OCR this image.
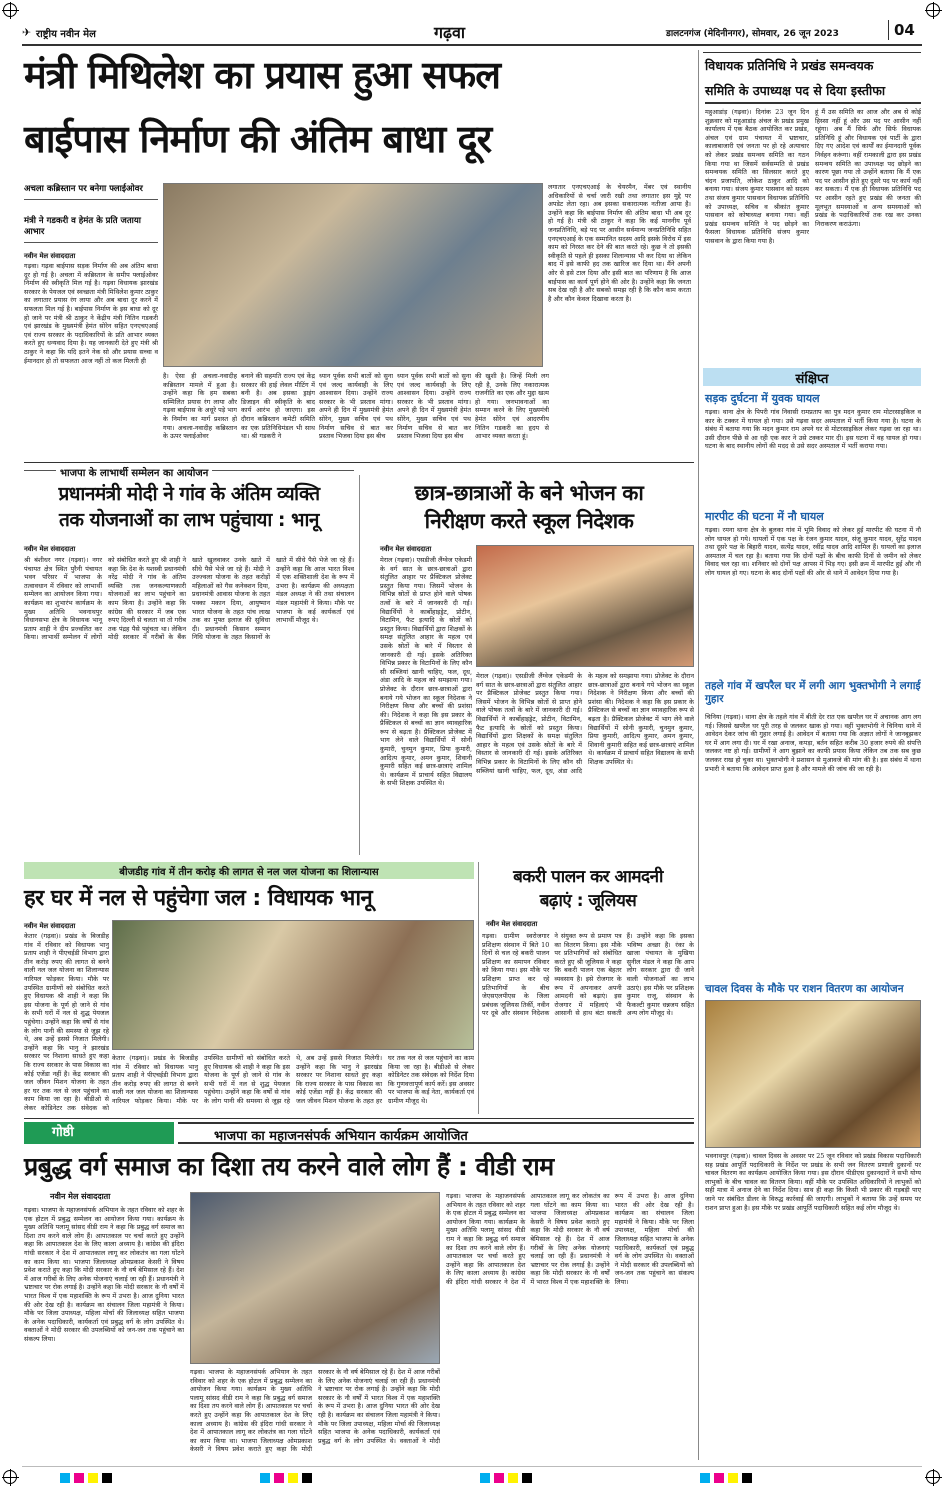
✈ राष्ट्रीय नवीन मेल	गढ़वा	डालटनगंज (मेदिनीनगर), सोमवार, 26 जून 2023	04
मंत्री मिथिलेश का प्रयास हुआ सफल
बाईपास निर्माण की अंतिम बाधा दूर
अचला कब्रिस्तान पर बनेगा फ्लाईओवर
मंत्री ने गडकरी व हेमंत के प्रति जताया आभार
नवीन मेल संवाददाता
गढ़वा। गढ़वा बाईपास सड़क निर्माण की अब अंतिम बाधा दूर हो गई है। अचला में कब्रिस्तान के समीप फ्लाईओवर निर्माण की स्वीकृति मिल गई है। गढ़वा विधायक झारखंड सरकार के पेयजल एवं स्वच्छता मंत्री मिथिलेश कुमार ठाकुर का लगातार प्रयास रंग लाया और अब बाधा दूर करने में सफलता मिल गई है। बाईपास निर्माण के इस बाधा को दूर हो जाने पर मंत्री श्री ठाकुर ने केंद्रीय मंत्री नितिन गडकरी एवं झारखंड के मुख्यमंत्री हेमंत सोरेन सहित एनएचएआई एवं राज्य सरकार के पदाधिकारियों के प्रति आभार व्यक्त करते हुए धन्यवाद दिया है। यह जानकारी देते हुए मंत्री श्री ठाकुर ने कहा कि यदि इतने नेक सो और प्रयास सच्चा व ईमानदार हो तो सफलता आज नहीं तो कल मिलती ही
है। ऐसा ही अचला-नवादीह कब्रिस्तान मामले में हुआ है। उन्होंने कहा कि हम सबका सम्मिलित प्रयास रंग लाया और गढ़वा बाईपास के अधूरे पड़े भाग के निर्माण का मार्ग प्रशस्त हो गया। अचला-नवादीह कब्रिस्तान के ऊपर फ्लाईओवर
बनाने की सहमति राज्य एवं केंद्र सरकार की हाई लेवल मीटिंग में बनी है। अब इसका ड्राइंग डिजाइन की स्वीकृति के बाद कार्य आरंभ हो जाएगा। इस दौरान कब्रिस्तान कमेटी समिति का एक प्रतिनिधिमंडल भी साथ था। श्री गडकरी ने
ध्यान पूर्वक सभी बातों को सुना एवं जल्द कार्यवाही के लिए आश्वासन दिया। उन्होंने राज्य सरकार के भी प्रस्ताव मांगा। अपने ही दिन में मुख्यमंत्री हेमंत सोरेन, मुख्य सचिव एवं पथ निर्माण सचिव से बात कर प्रस्ताव भिजवा दिया इस बीच
ध्यान पूर्वक सभी बातों को सुना एवं जल्द कार्यवाही के लिए आश्वासन दिया। उन्होंने राज्य सरकार के भी प्रस्ताव मांगा। अपने ही दिन में मुख्यमंत्री हेमंत सोरेन, मुख्य सचिव एवं पथ निर्माण सचिव से बात कर प्रस्ताव भिजवा दिया इस बीच
की खुशी है। जिन्हें मिली लग रही है, उनके लिए नकारात्मक राजनीति का एक और मुद्दा खत्म हो गया। जनभावनाओं का सम्मान करने के लिए मुख्यमंत्री हेमंत सोरेन एवं आदरणीय नितिन गडकरी का हृदय से आभार व्यक्त करता हूं।
लगातार एनएचएआई के चेयरमैन, मेंबर एवं स्थानीय अधिकारियों से चर्चा जारी रखी तथा लगातार इस मुद्दे पर अपडेट लेता रहा। अब इसका सकारात्मक नतीजा आया है। उन्होंने कहा कि बाईपास निर्माण की अंतिम बाधा भी अब दूर हो गई है। मंत्री श्री ठाकुर ने कहा कि कई माननीय पूर्व जनप्रतिनिधि, बड़े पद पर आसीन सर्वमान्य जनप्रतिनिधि सहित एनएचएआई के एक सम्मानित सदस्य आदि इसके विरोध में इस काम को निरस्त कर देने की बात करते रहे। कुछ ने तो इसकी स्वीकृति से पहले ही इसका शिलान्यास भी कर दिया था लेकिन बाद में इसे काफी हद तक खारिज कर दिया था। मैंने अपनी ओर से इसे टाल दिया और इसी बात का परिणाम है कि आज बाईपास का कार्य पूर्ण होने की ओर है। उन्होंने कहा कि जनता सब देख रही है और सबको समझ रही है कि कौन काम करता है और कौन केवल दिखावा करता है।
विधायक प्रतिनिधि ने प्रखंड समन्वयक
समिति के उपाध्यक्ष पद से दिया इस्तीफा
महुआडांड़ (गढ़वा)। दिनांक 23 जून दिन शुक्रवार को महुआडांड़ अंचल के प्रखंड प्रमुख कार्यालय में एक बैठक आयोजित कर प्रखंड, अंचल एवं ग्राम पंचायत में भ्रष्टाचार, कालाबाजारी एवं जनता पर हो रहे अत्याचार को लेकर प्रखंड समन्वय समिति का गठन किया गया था जिसमें सर्वसम्मति से प्रखंड समन्वयक समिति का सिलसार करते हुए चंदन प्रजापति, लोकेश ठाकुर आदि को बनाया गया। संजय कुमार पासवान को सदस्य तथा संजय कुमार पासवान विधायक प्रतिनिधि को उपाध्यक्ष, सचिव व श्रीकांत कुमार पासवान को कोषाध्यक्ष बनाया गया। वहीं प्रखंड समन्वय समिति ने पद छोड़ने का फैसला विधायक प्रतिनिधि संजय कुमार पासवान के द्वारा किया गया है।
हूं मैं उस समिति का आज और अब से कोई हिस्सा नहीं हूं और उस पद पर आसीन नहीं रहूंगा। अब मैं सिर्फ और सिर्फ विधायक प्रतिनिधि हूं और विधायक एवं पार्टी के द्वारा दिए गए आदेश एवं कार्यों का ईमानदारी पूर्वक निर्वहन करूंगा। वहीं रामकाली द्वारा इस प्रखंड समन्वय समिति का उपाध्यक्ष पद छोड़ने का कारण पूछा गया तो उन्होंने बताया कि मैं एक पद पर आसीन होते हुए दूसरे पद पर कार्य नहीं कर सकता। मैं एक ही विधायक प्रतिनिधि पद पर आसीन रहते हुए प्रखंड की जनता की मूलभूत समस्याओं व अन्य समस्याओं को प्रखंड के पदाधिकारियों तक रख कर उनका निराकरण कराऊंगा।
संक्षिप्त
सड़क दुर्घटना में युवक घायल
गढ़वा। थाना क्षेत्र के पिपरी गांव निवासी रामप्रताप का पुत्र मदन कुमार राम मोटरसाइकिल व कार के टक्कर में घायल हो गया। उसे गढ़वा सदर अस्पताल में भर्ती किया गया है। घटना के संबंध में बताया गया कि मदन कुमार राम अपने घर से मोटरसाइकिल लेकर गढ़वा जा रहा था। उसी दौरान पीछे से आ रही एक कार ने उसे टक्कर मार दी। इस घटना में वह घायल हो गया। घटना के बाद स्थानीय लोगों की मदद से उसे सदर अस्पताल में भर्ती कराया गया।
मारपीट की घटना में नौ घायल
गढ़वा। रमना थाना क्षेत्र के बुलका गांव में भूमि विवाद को लेकर हुई मारपीट की घटना में नौ लोग घायल हो गये। घायलों में एक पक्ष के रंजन कुमार यादव, संजू कुमार यादव, सुरेंद्र यादव तथा दूसरे पक्ष के बिहारी यादव, सत्येंद्र यादव, रवींद्र यादव आदि शामिल हैं। घायलों का इलाज अस्पताल में चल रहा है। बताया गया कि दोनों पक्षों के बीच काफी दिनों से जमीन को लेकर विवाद चल रहा था। शनिवार को दोनों पक्ष आपस में भिड़ गए। इसी क्रम में मारपीट हुई और नौ लोग घायल हो गए। घटना के बाद दोनों पक्षों की ओर से थाने में आवेदन दिया गया है।
तहले गांव में खपरैल घर में लगी आग भुक्तभोगी ने लगाई गुहार
चिनिया (गढ़वा)। थाना क्षेत्र के तहले गांव में बीती देर रात एक खपरैल घर में अचानक आग लग गई। जिससे खपरैल घर पूरी तरह से जलकर खाक हो गया। वहीं भुक्तभोगी ने चिनिया थाने में आवेदन देकर जांच की गुहार लगाई है। आवेदन में बताया गया कि अज्ञात लोगों ने जानबूझकर घर में आग लगा दी। घर में रखा अनाज, कपड़ा, बर्तन सहित करीब 30 हजार रुपये की संपत्ति जलकर नष्ट हो गई। ग्रामीणों ने आग बुझाने का काफी प्रयास किया लेकिन तब तक सब कुछ जलकर राख हो चुका था। भुक्तभोगी ने प्रशासन से मुआवजे की मांग की है। इस संबंध में थाना प्रभारी ने बताया कि आवेदन प्राप्त हुआ है और मामले की जांच की जा रही है।
चावल दिवस के मौके पर राशन वितरण का आयोजन
भवनाथपुर (गढ़वा)। चावल दिवस के अवसर पर 25 जून रविवार को प्रखंड विकास पदाधिकारी सह प्रखंड आपूर्ति पदाधिकारी के निर्देश पर प्रखंड के सभी जन वितरण प्रणाली दुकानों पर चावल वितरण का कार्यक्रम आयोजित किया गया। इस दौरान पीडीएस दुकानदारों ने सभी योग्य लाभुकों के बीच चावल का वितरण किया। वहीं मौके पर उपस्थित अधिकारियों ने लाभुकों को सही मात्रा में अनाज देने का निर्देश दिया। साथ ही कहा कि किसी भी प्रकार की गड़बड़ी पाए जाने पर संबंधित डीलर के विरुद्ध कार्रवाई की जाएगी। लाभुकों ने बताया कि उन्हें समय पर राशन प्राप्त हुआ है। इस मौके पर प्रखंड आपूर्ति पदाधिकारी सहित कई लोग मौजूद थे।
भाजपा के लाभार्थी सम्मेलन का आयोजन
प्रधानमंत्री मोदी ने गांव के अंतिम व्यक्ति
तक योजनाओं का लाभ पहुंचाया : भानू
नवीन मेल संवाददाता
श्री बंशीधर नगर (गढ़वा)। नगर पंचायत क्षेत्र स्थित पुरैनी पंचायत भवन परिसर में भाजपा के तत्वावधान में रविवार को लाभार्थी सम्मेलन का आयोजन किया गया। कार्यक्रम का शुभारंभ कार्यक्रम के मुख्य अतिथि भवनाथपुर विधानसभा क्षेत्र के विधायक भानू प्रताप शाही ने दीप प्रज्वलित कर किया। लाभार्थी सम्मेलन में लोगों को संबोधित करते हुए श्री शाही ने कहा कि देश के यशस्वी प्रधानमंत्री नरेंद्र मोदी ने गांव के अंतिम व्यक्ति तक जनकल्याणकारी योजनाओं का लाभ पहुंचाने का काम किया है। उन्होंने कहा कि कांग्रेस की सरकार में जब एक रुपए दिल्ली से चलता था तो गरीब तक पंद्रह पैसे पहुंचता था। लेकिन मोदी सरकार में गरीबों के बैंक खाते खुलवाकर उनके खाते में सीधे पैसे भेजे जा रहे हैं। मोदी ने उज्ज्वला योजना के तहत करोड़ों महिलाओं को गैस कनेक्शन दिया, प्रधानमंत्री आवास योजना के तहत पक्का मकान दिया, आयुष्मान भारत योजना के तहत पांच लाख तक का मुफ्त इलाज की सुविधा दी। प्रधानमंत्री किसान सम्मान निधि योजना के तहत किसानों के खाते में सीधे पैसे भेजे जा रहे हैं। उन्होंने कहा कि आज भारत विश्व में एक शक्तिशाली देश के रूप में उभरा है। कार्यक्रम की अध्यक्षता मंडल अध्यक्ष ने की तथा संचालन मंडल महामंत्री ने किया। मौके पर भाजपा के कई कार्यकर्ता एवं लाभार्थी मौजूद थे।
छात्र-छात्राओं के बने भोजन का
निरीक्षण करते स्कूल निदेशक
नवीन मेल संवाददाता
मेराल (गढ़वा)। एसडीजी लैंग्वेज एकेडमी के वर्ग सात के छात्र-छात्राओं द्वारा संतुलित आहार पर प्रैक्टिकल प्रोजेक्ट प्रस्तुत किया गया। जिसमें भोजन के विभिन्न स्रोतों से प्राप्त होने वाले पोषक तत्वों के बारे में जानकारी दी गई। विद्यार्थियों ने कार्बोहाइड्रेट, प्रोटीन, विटामिन, फैट इत्यादि के स्रोतों को प्रस्तुत किया। विद्यार्थियों द्वारा शिक्षकों के समक्ष संतुलित आहार के महत्व एवं उसके स्रोतों के बारे में विस्तार से जानकारी दी गई। इसके अतिरिक्त विभिन्न प्रकार के विटामिनों के लिए कौन सी सब्जियां खानी चाहिए, फल, दूध, अंडा आदि के महत्व को समझाया गया। प्रोजेक्ट के दौरान छात्र-छात्राओं द्वारा बनाये गये भोजन का स्कूल निदेशक ने निरीक्षण किया और बच्चों की प्रशंसा की। निदेशक ने कहा कि इस प्रकार के प्रैक्टिकल से बच्चों का ज्ञान व्यावहारिक रूप से बढ़ता है। प्रैक्टिकल प्रोजेक्ट में भाग लेने वाले विद्यार्थियों में सोनी कुमारी, चुनमुन कुमार, प्रिया कुमारी, आदित्य कुमार, अमन कुमार, शिवानी कुमारी सहित कई छात्र-छात्राएं शामिल थे। कार्यक्रम में प्राचार्य सहित विद्यालय के सभी शिक्षक उपस्थित थे।
मेराल (गढ़वा)। एसडीजी लैंग्वेज एकेडमी के वर्ग सात के छात्र-छात्राओं द्वारा संतुलित आहार पर प्रैक्टिकल प्रोजेक्ट प्रस्तुत किया गया। जिसमें भोजन के विभिन्न स्रोतों से प्राप्त होने वाले पोषक तत्वों के बारे में जानकारी दी गई। विद्यार्थियों ने कार्बोहाइड्रेट, प्रोटीन, विटामिन, फैट इत्यादि के स्रोतों को प्रस्तुत किया। विद्यार्थियों द्वारा शिक्षकों के समक्ष संतुलित आहार के महत्व एवं उसके स्रोतों के बारे में विस्तार से जानकारी दी गई। इसके अतिरिक्त विभिन्न प्रकार के विटामिनों के लिए कौन सी सब्जियां खानी चाहिए, फल, दूध, अंडा आदि के महत्व को समझाया गया। प्रोजेक्ट के दौरान छात्र-छात्राओं द्वारा बनाये गये भोजन का स्कूल निदेशक ने निरीक्षण किया और बच्चों की प्रशंसा की। निदेशक ने कहा कि इस प्रकार के प्रैक्टिकल से बच्चों का ज्ञान व्यावहारिक रूप से बढ़ता है। प्रैक्टिकल प्रोजेक्ट में भाग लेने वाले विद्यार्थियों में सोनी कुमारी, चुनमुन कुमार, प्रिया कुमारी, आदित्य कुमार, अमन कुमार, शिवानी कुमारी सहित कई छात्र-छात्राएं शामिल थे। कार्यक्रम में प्राचार्य सहित विद्यालय के सभी शिक्षक उपस्थित थे।
बीजडीह गांव में तीन करोड़ की लागत से नल जल योजना का शिलान्यास
हर घर में नल से पहुंचेगा जल : विधायक भानू
नवीन मेल संवाददाता
केतार (गढ़वा)। प्रखंड के बिजडीह गांव में रविवार को विधायक भानु प्रताप शाही ने पीएचईडी विभाग द्वारा तीन करोड़ रुपए की लागत से बनने वाली नल जल योजना का शिलान्यास नारियल फोड़कर किया। मौके पर उपस्थित ग्रामीणों को संबोधित करते हुए विधायक श्री शाही ने कहा कि इस योजना के पूर्ण हो जाने से गांव के सभी घरों में नल से शुद्ध पेयजल पहुंचेगा। उन्होंने कहा कि वर्षों से गांव के लोग पानी की समस्या से जूझ रहे थे, अब उन्हें इससे निजात मिलेगी। उन्होंने कहा कि भानु ने झारखंड सरकार पर निशाना साधते हुए कहा कि राज्य सरकार के पास विकास का कोई एजेंडा नहीं है। केंद्र सरकार की जल जीवन मिशन योजना के तहत हर घर तक नल से जल पहुंचाने का काम किया जा रहा है। बीडीओ से लेकर कोडिनेटर तक संवेदक को
केतार (गढ़वा)। प्रखंड के बिजडीह गांव में रविवार को विधायक भानु प्रताप शाही ने पीएचईडी विभाग द्वारा तीन करोड़ रुपए की लागत से बनने वाली नल जल योजना का शिलान्यास नारियल फोड़कर किया। मौके पर उपस्थित ग्रामीणों को संबोधित करते हुए विधायक श्री शाही ने कहा कि इस योजना के पूर्ण हो जाने से गांव के सभी घरों में नल से शुद्ध पेयजल पहुंचेगा। उन्होंने कहा कि वर्षों से गांव के लोग पानी की समस्या से जूझ रहे थे, अब उन्हें इससे निजात मिलेगी। उन्होंने कहा कि भानु ने झारखंड सरकार पर निशाना साधते हुए कहा कि राज्य सरकार के पास विकास का कोई एजेंडा नहीं है। केंद्र सरकार की जल जीवन मिशन योजना के तहत हर घर तक नल से जल पहुंचाने का काम किया जा रहा है। बीडीओ से लेकर कोडिनेटर तक संवेदक को निर्देश दिया कि गुणवत्तापूर्ण कार्य करें। इस अवसर पर भाजपा के कई नेता, कार्यकर्ता एवं ग्रामीण मौजूद थे।
बकरी पालन कर आमदनी
बढ़ाएं : जूलियस
नवीन मेल संवाददाता
गढ़वा। ग्रामीण स्वरोजगार प्रशिक्षण संस्थान में बिते 10 दिनों से चल रहे बकरी पालन प्रशिक्षण का समापन रविवार को किया गया। इस मौके पर प्रशिक्षण प्राप्त कर रहे प्रतिभागियों के बीच जेएसएलपीएस के जिला प्रबंधक जूलियस तिर्की, नवीन पर दूबे और संस्थान निदेशक ने संयुक्त रूप से प्रमाण पत्र का वितरण किया। इस मौके पर प्रतिभागियों को संबोधित करते हुए श्री जूलियस ने कहा कि बकरी पालन एक बेहतर व्यवसाय है। इसे रोजगार के रूप में अपनाकर अपनी आमदनी को बढ़ाएं। इस रोजगार में महिलाएं भी आसानी से हाथ बंटा सकती हैं। उन्होंने कहा कि इसका भविष्य अच्छा है। रंका के खाजा पंचायत के मुखिया सुनील मंडल ने कहा कि आप लोग सरकार द्वारा दी जाने वाली योजनाओं का लाभ उठाएं। इस मौके पर प्रशिक्षक कुमार राजू, संस्थान के फैकल्टी कुमार धन्नजय सहित अन्य लोग मौजूद थे।
गोष्ठी	भाजपा का महाजनसंपर्क अभियान कार्यक्रम आयोजित
प्रबुद्ध वर्ग समाज का दिशा तय करने वाले लोग हैं : वीडी राम
नवीन मेल संवाददाता
गढ़वा। भाजपा के महाजनसंपर्क अभियान के तहत रविवार को शहर के एक होटल में प्रबुद्ध सम्मेलन का आयोजन किया गया। कार्यक्रम के मुख्य अतिथि पलामू सांसद वीडी राम ने कहा कि प्रबुद्ध वर्ग समाज का दिशा तय करने वाले लोग हैं। आपातकाल पर चर्चा करते हुए उन्होंने कहा कि आपातकाल देश के लिए काला अध्याय है। कांग्रेस की इंदिरा गांधी सरकार ने देश में आपातकाल लागू कर लोकतंत्र का गला घोंटने का काम किया था। भाजपा जिलाध्यक्ष ओमप्रकाश केसरी ने विषय प्रवेश कराते हुए कहा कि मोदी सरकार के नौ वर्ष बेमिसाल रहे हैं। देश में आज गरीबों के लिए अनेक योजनाएं चलाई जा रही हैं। प्रधानमंत्री ने भ्रष्टाचार पर रोक लगाई है। उन्होंने कहा कि मोदी सरकार के नौ वर्षों में भारत विश्व में एक महाशक्ति के रूप में उभरा है। आज दुनिया भारत की ओर देख रही है। कार्यक्रम का संचालन जिला महामंत्री ने किया। मौके पर जिला उपाध्यक्ष, महिला मोर्चा की जिलाध्यक्ष सहित भाजपा के अनेक पदाधिकारी, कार्यकर्ता एवं प्रबुद्ध वर्ग के लोग उपस्थित थे। वक्ताओं ने मोदी सरकार की उपलब्धियों को जन-जन तक पहुंचाने का संकल्प लिया।
गढ़वा। भाजपा के महाजनसंपर्क अभियान के तहत रविवार को शहर के एक होटल में प्रबुद्ध सम्मेलन का आयोजन किया गया। कार्यक्रम के मुख्य अतिथि पलामू सांसद वीडी राम ने कहा कि प्रबुद्ध वर्ग समाज का दिशा तय करने वाले लोग हैं। आपातकाल पर चर्चा करते हुए उन्होंने कहा कि आपातकाल देश के लिए काला अध्याय है। कांग्रेस की इंदिरा गांधी सरकार ने देश में आपातकाल लागू कर लोकतंत्र का गला घोंटने का काम किया था। भाजपा जिलाध्यक्ष ओमप्रकाश केसरी ने विषय प्रवेश कराते हुए कहा कि मोदी सरकार के नौ वर्ष बेमिसाल रहे हैं। देश में आज गरीबों के लिए अनेक योजनाएं चलाई जा रही हैं। प्रधानमंत्री ने भ्रष्टाचार पर रोक लगाई है। उन्होंने कहा कि मोदी सरकार के नौ वर्षों में भारत विश्व में एक महाशक्ति के रूप में उभरा है। आज दुनिया भारत की ओर देख रही है। कार्यक्रम का संचालन जिला महामंत्री ने किया। मौके पर जिला उपाध्यक्ष, महिला मोर्चा की जिलाध्यक्ष सहित भाजपा के अनेक पदाधिकारी, कार्यकर्ता एवं प्रबुद्ध वर्ग के लोग उपस्थित थे। वक्ताओं ने मोदी
गढ़वा। भाजपा के महाजनसंपर्क अभियान के तहत रविवार को शहर के एक होटल में प्रबुद्ध सम्मेलन का आयोजन किया गया। कार्यक्रम के मुख्य अतिथि पलामू सांसद वीडी राम ने कहा कि प्रबुद्ध वर्ग समाज का दिशा तय करने वाले लोग हैं। आपातकाल पर चर्चा करते हुए उन्होंने कहा कि आपातकाल देश के लिए काला अध्याय है। कांग्रेस की इंदिरा गांधी सरकार ने देश में आपातकाल लागू कर लोकतंत्र का गला घोंटने का काम किया था। भाजपा जिलाध्यक्ष ओमप्रकाश केसरी ने विषय प्रवेश कराते हुए कहा कि मोदी सरकार के नौ वर्ष बेमिसाल रहे हैं। देश में आज गरीबों के लिए अनेक योजनाएं चलाई जा रही हैं। प्रधानमंत्री ने भ्रष्टाचार पर रोक लगाई है। उन्होंने कहा कि मोदी सरकार के नौ वर्षों में भारत विश्व में एक महाशक्ति के रूप में उभरा है। आज दुनिया भारत की ओर देख रही है। कार्यक्रम का संचालन जिला महामंत्री ने किया। मौके पर जिला उपाध्यक्ष, महिला मोर्चा की जिलाध्यक्ष सहित भाजपा के अनेक पदाधिकारी, कार्यकर्ता एवं प्रबुद्ध वर्ग के लोग उपस्थित थे। वक्ताओं ने मोदी सरकार की उपलब्धियों को जन-जन तक पहुंचाने का संकल्प लिया।
